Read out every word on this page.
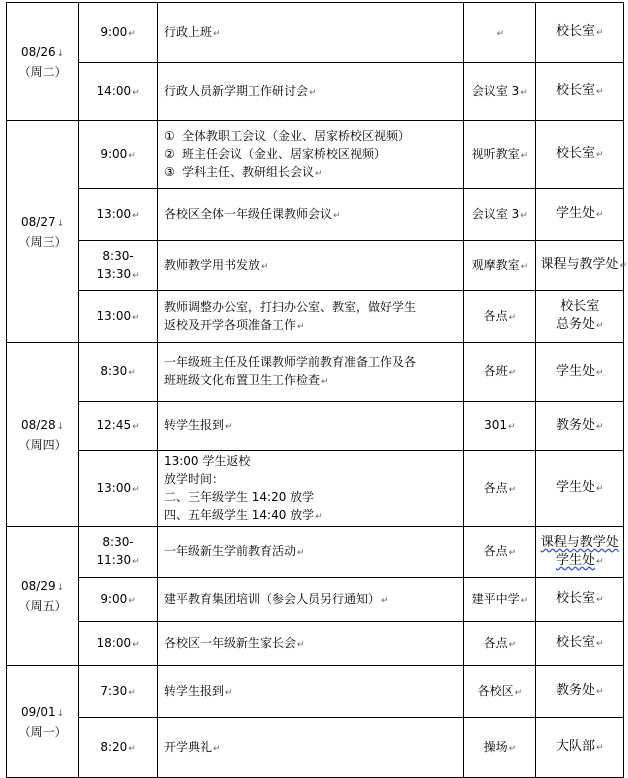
08/26↓
（周二）	9:00↵	行政上班↵	↵	校长室↵

	14:00↵	行政人员新学期工作研讨会↵	会议室 3↵	校长室↵

08/27↓
（周三）	9:00↵	① 全体教职工会议（金业、居家桥校区视频）
② 班主任会议（金业、居家桥校区视频）
③ 学科主任、教研组长会议↵	视听教室↵	校长室↵

	13:00↵	各校区全体一年级任课教师会议↵	会议室 3↵	学生处↵

	8:30-13:30↵	教师教学用书发放↵	观摩教室↵	课程与教学处↵

	13:00↵	教师调整办公室，打扫办公室、教室，做好学生
返校及开学各项准备工作↵	各点↵	校长室
总务处↵

08/28↓
（周四）	8:30↵	一年级班主任及任课教师学前教育准备工作及各
班班级文化布置卫生工作检查↵	各班↵	学生处↵

	12:45↵	转学生报到↵	301↵	教务处↵

	13:00↵	13:00 学生返校
放学时间：
二、三年级学生 14:20 放学
四、五年级学生 14:40 放学↵	各点↵	学生处↵

08/29↓
（周五）	8:30-11:30↵	一年级新生学前教育活动↵	各点↵	课程与教学处
学生处↵

	9:00↵	建平教育集团培训（参会人员另行通知）↵	建平中学↵	校长室↵

	18:00↵	各校区一年级新生家长会↵	各点↵	校长室↵

09/01↓
（周一）	7:30↵	转学生报到↵	各校区↵	教务处↵

	8:20↵	开学典礼↵	操场↵	大队部↵
